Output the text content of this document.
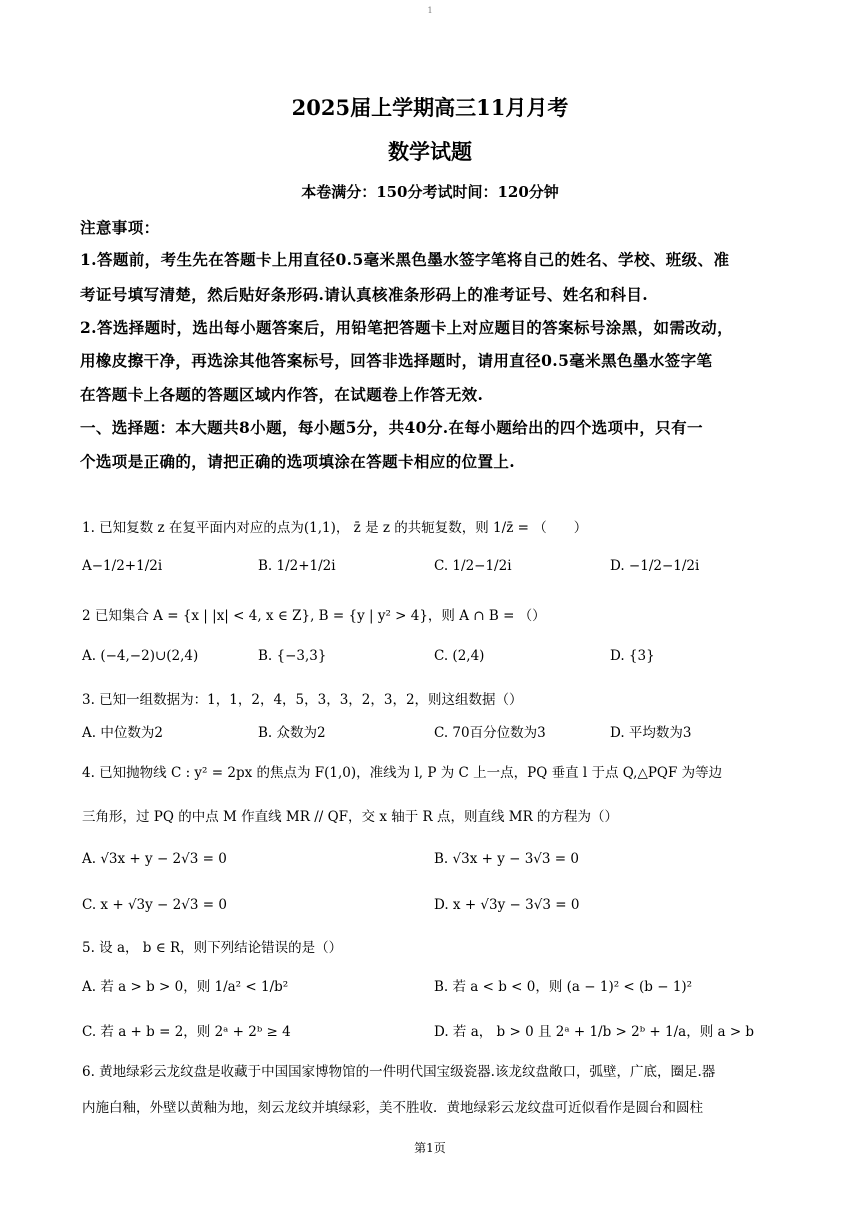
1
2025届上学期高三11月月考
数学试题
本卷满分：150分考试时间：120分钟
注意事项：
1.答题前，考生先在答题卡上用直径0.5毫米黑色墨水签字笔将自己的姓名、学校、班级、准
考证号填写清楚，然后贴好条形码.请认真核准条形码上的准考证号、姓名和科目.
2.答选择题时，选出每小题答案后，用铅笔把答题卡上对应题目的答案标号涂黑，如需改动，
用橡皮擦干净，再选涂其他答案标号，回答非选择题时，请用直径0.5毫米黑色墨水签字笔
在答题卡上各题的答题区域内作答，在试题卷上作答无效.
一、选择题：本大题共8小题，每小题5分，共40分.在每小题给出的四个选项中，只有一
个选项是正确的，请把正确的选项填涂在答题卡相应的位置上.
1. 已知复数 z 在复平面内对应的点为(1,1)， z̄ 是 z 的共轭复数，则 1/z̄ = （　　）
A−1/2+1/2i	B. 1/2+1/2i	C. 1/2−1/2i	D. −1/2−1/2i
2 已知集合 A = {x | |x| < 4, x ∈ Z}, B = {y | y² > 4}，则 A ∩ B = （）
A. (−4,−2)∪(2,4)	B. {−3,3}	C. (2,4)	D. {3}
3. 已知一组数据为：1，1，2，4，5，3，3，2，3，2，则这组数据（）
A. 中位数为2	B. 众数为2	C. 70百分位数为3	D. 平均数为3
4. 已知抛物线 C : y² = 2px 的焦点为 F(1,0)，准线为 l, P 为 C 上一点，PQ 垂直 l 于点 Q,△PQF 为等边
三角形，过 PQ 的中点 M 作直线 MR // QF，交 x 轴于 R 点，则直线 MR 的方程为（）
A. √3x + y − 2√3 = 0	B. √3x + y − 3√3 = 0
C. x + √3y − 2√3 = 0	D. x + √3y − 3√3 = 0
5. 设 a， b ∈ R，则下列结论错误的是（）
A. 若 a > b > 0，则 1/a² < 1/b²	B. 若 a < b < 0，则 (a − 1)² < (b − 1)²
C. 若 a + b = 2，则 2ᵃ + 2ᵇ ≥ 4	D. 若 a， b > 0 且 2ᵃ + 1/b > 2ᵇ + 1/a，则 a > b
6. 黄地绿彩云龙纹盘是收藏于中国国家博物馆的一件明代国宝级瓷器.该龙纹盘敞口，弧壁，广底，圈足.器
内施白釉，外壁以黄釉为地，刻云龙纹并填绿彩，美不胜收．黄地绿彩云龙纹盘可近似看作是圆台和圆柱
第1页
